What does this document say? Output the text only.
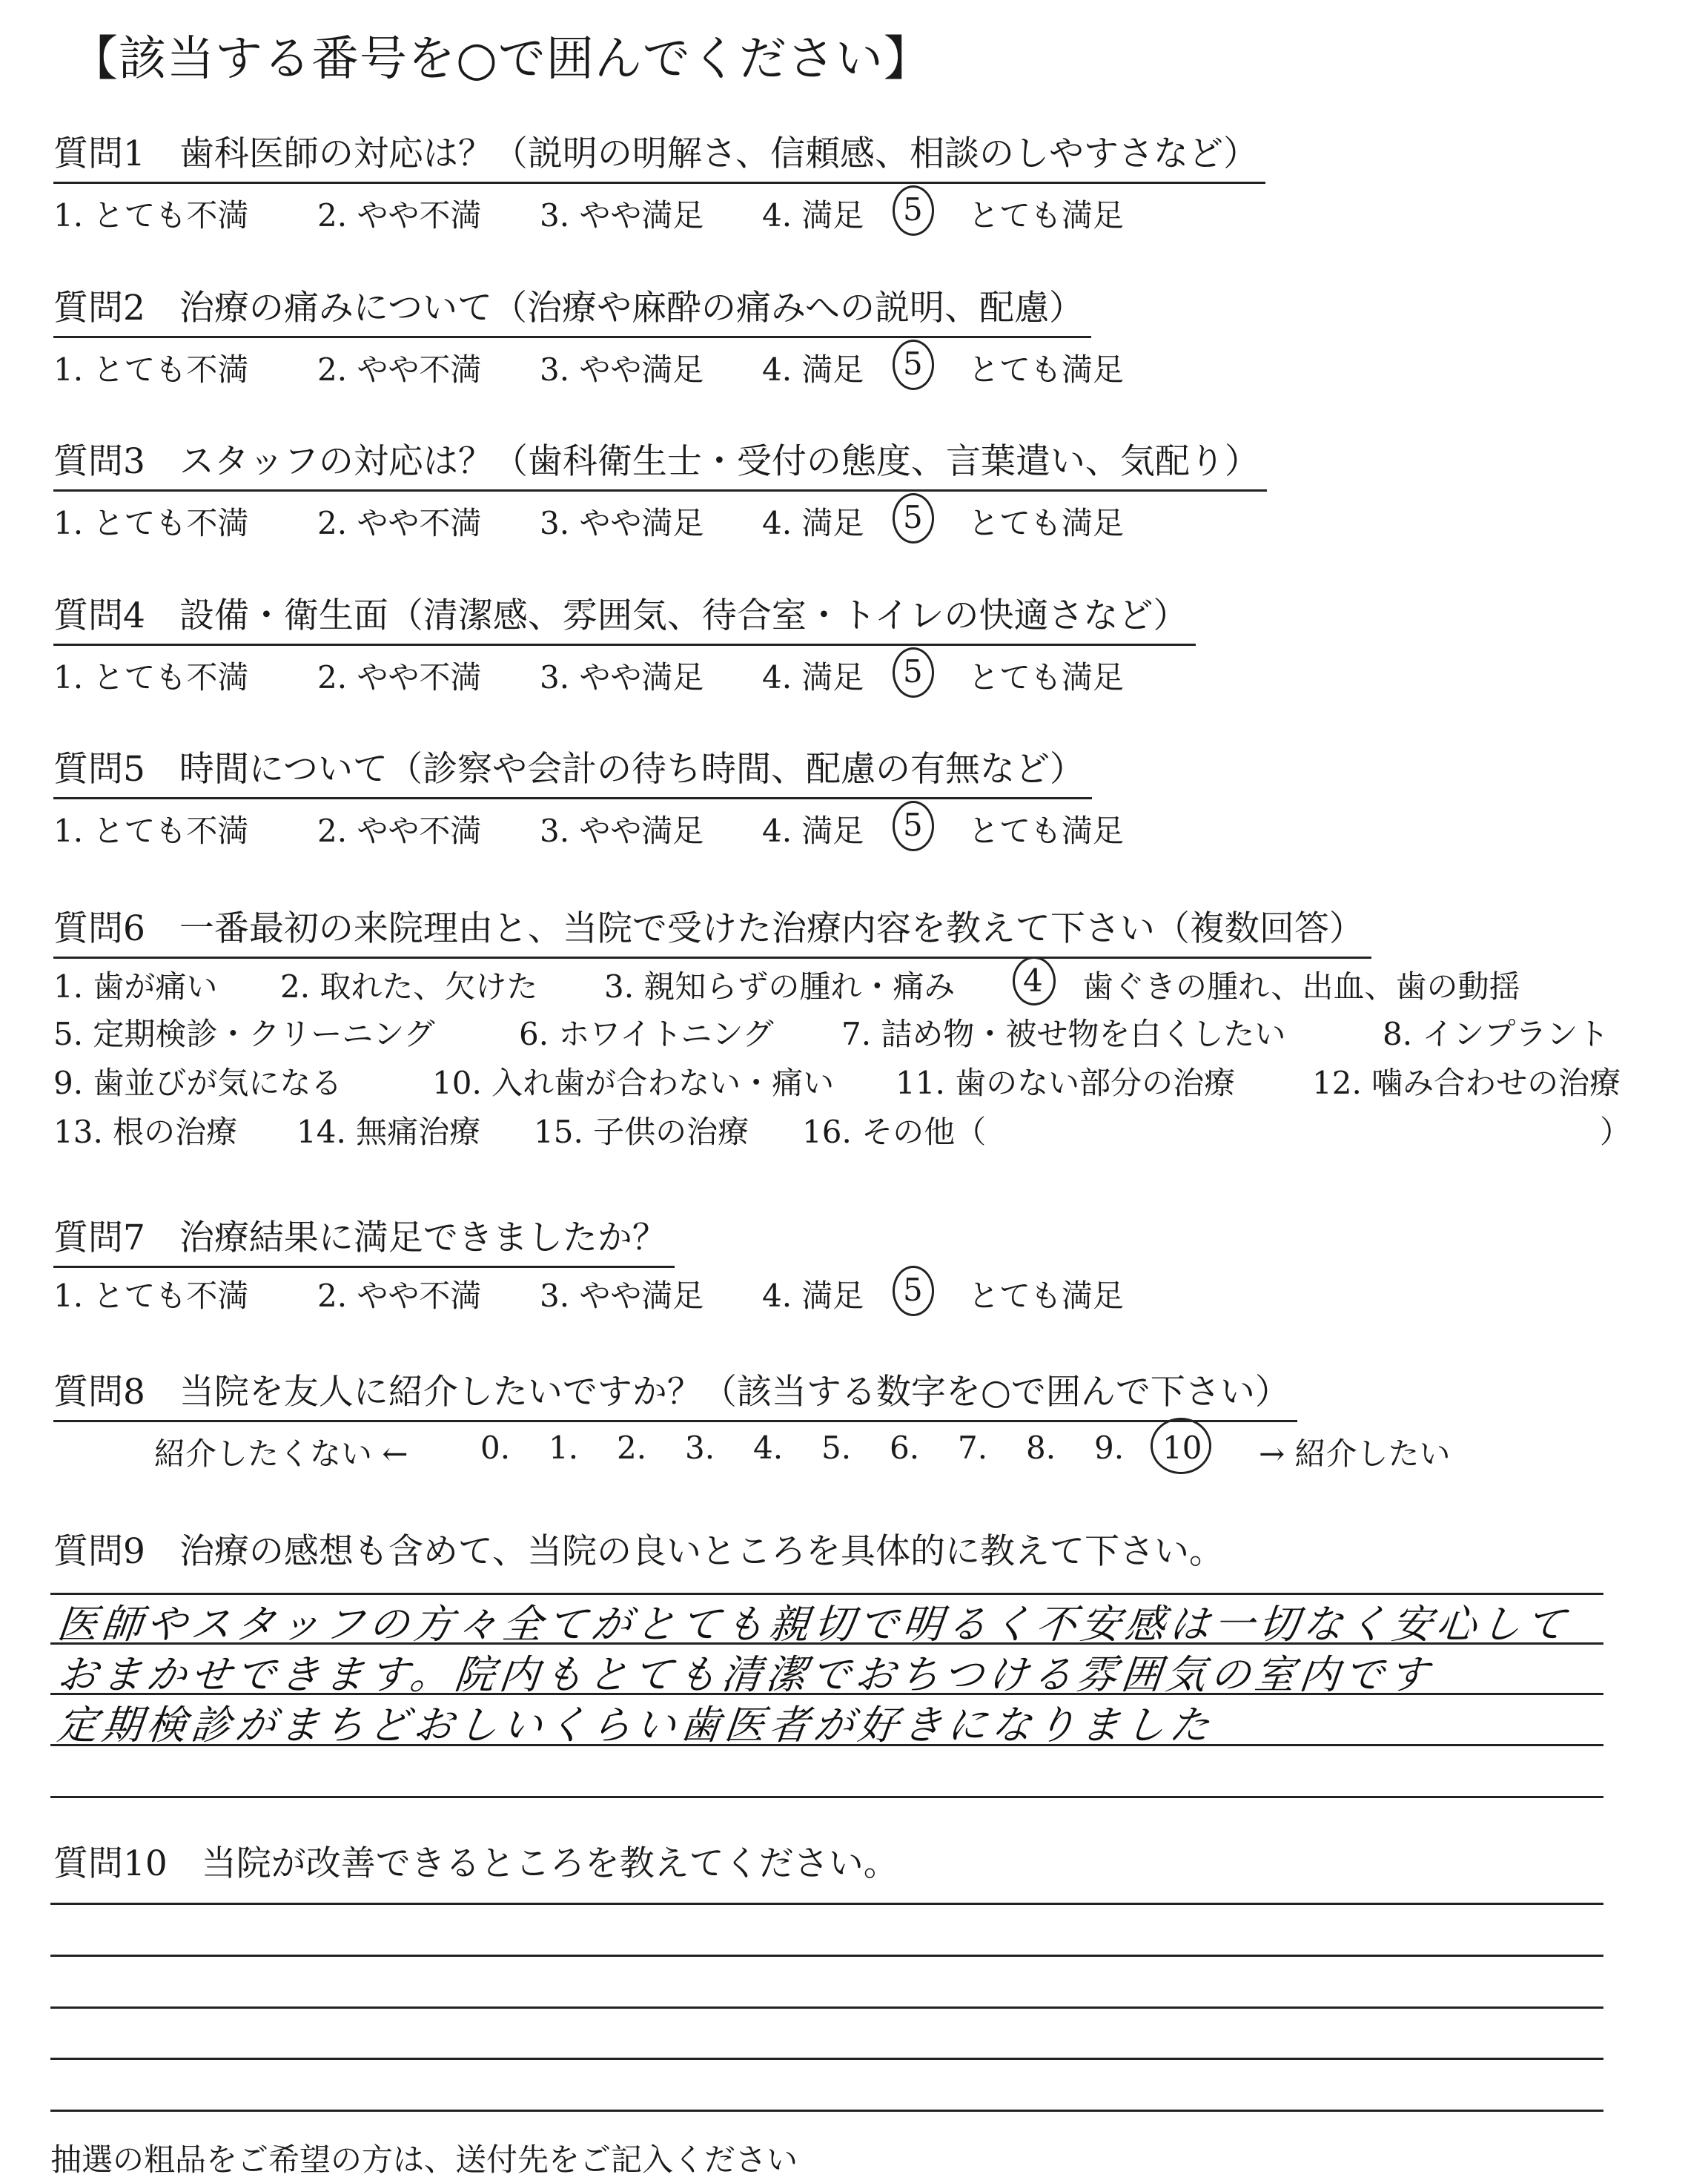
【該当する番号を○で囲んでください】
質問1 歯科医師の対応は？（説明の明解さ、信頼感、相談のしやすさなど）
1. とても不満 2. やや不満 3. やや満足 4. 満足 5 とても満足
質問2 治療の痛みについて（治療や麻酔の痛みへの説明、配慮）
1. とても不満 2. やや不満 3. やや満足 4. 満足 5 とても満足
質問3 スタッフの対応は？（歯科衛生士・受付の態度、言葉遣い、気配り）
1. とても不満 2. やや不満 3. やや満足 4. 満足 5 とても満足
質問4 設備・衛生面（清潔感、雰囲気、待合室・トイレの快適さなど）
1. とても不満 2. やや不満 3. やや満足 4. 満足 5 とても満足
質問5 時間について（診察や会計の待ち時間、配慮の有無など）
1. とても不満 2. やや不満 3. やや満足 4. 満足 5 とても満足
質問6 一番最初の来院理由と、当院で受けた治療内容を教えて下さい（複数回答）
1. 歯が痛い 2. 取れた、欠けた 3. 親知らずの腫れ・痛み 4 歯ぐきの腫れ、出血、歯の動揺
5. 定期検診・クリーニング	6. ホワイトニング 7. 詰め物・被せ物を白くしたい	8. インプラント
9. 歯並びが気になる	10. 入れ歯が合わない・痛い 11. 歯のない部分の治療 12. 噛み合わせの治療
13. 根の治療 14. 無痛治療 15. 子供の治療 16. その他（	）
質問7 治療結果に満足できましたか？
1. とても不満 2. やや不満 3. やや満足 4. 満足 5 とても満足
質問8 当院を友人に紹介したいですか？（該当する数字を○で囲んで下さい）
紹介したくない ← 0. 1. 2. 3. 4. 5. 6. 7. 8. 9. 10 → 紹介したい
質問9 治療の感想も含めて、当院の良いところを具体的に教えて下さい。
医師やスタッフの方々全てがとても親切で明るく不安感は一切なく安心して
おまかせできます。院内もとても清潔でおちつける雰囲気の室内です
定期検診がまちどおしいくらい歯医者が好きになりました
質問10 当院が改善できるところを教えてください。
抽選の粗品をご希望の方は、送付先をご記入ください
